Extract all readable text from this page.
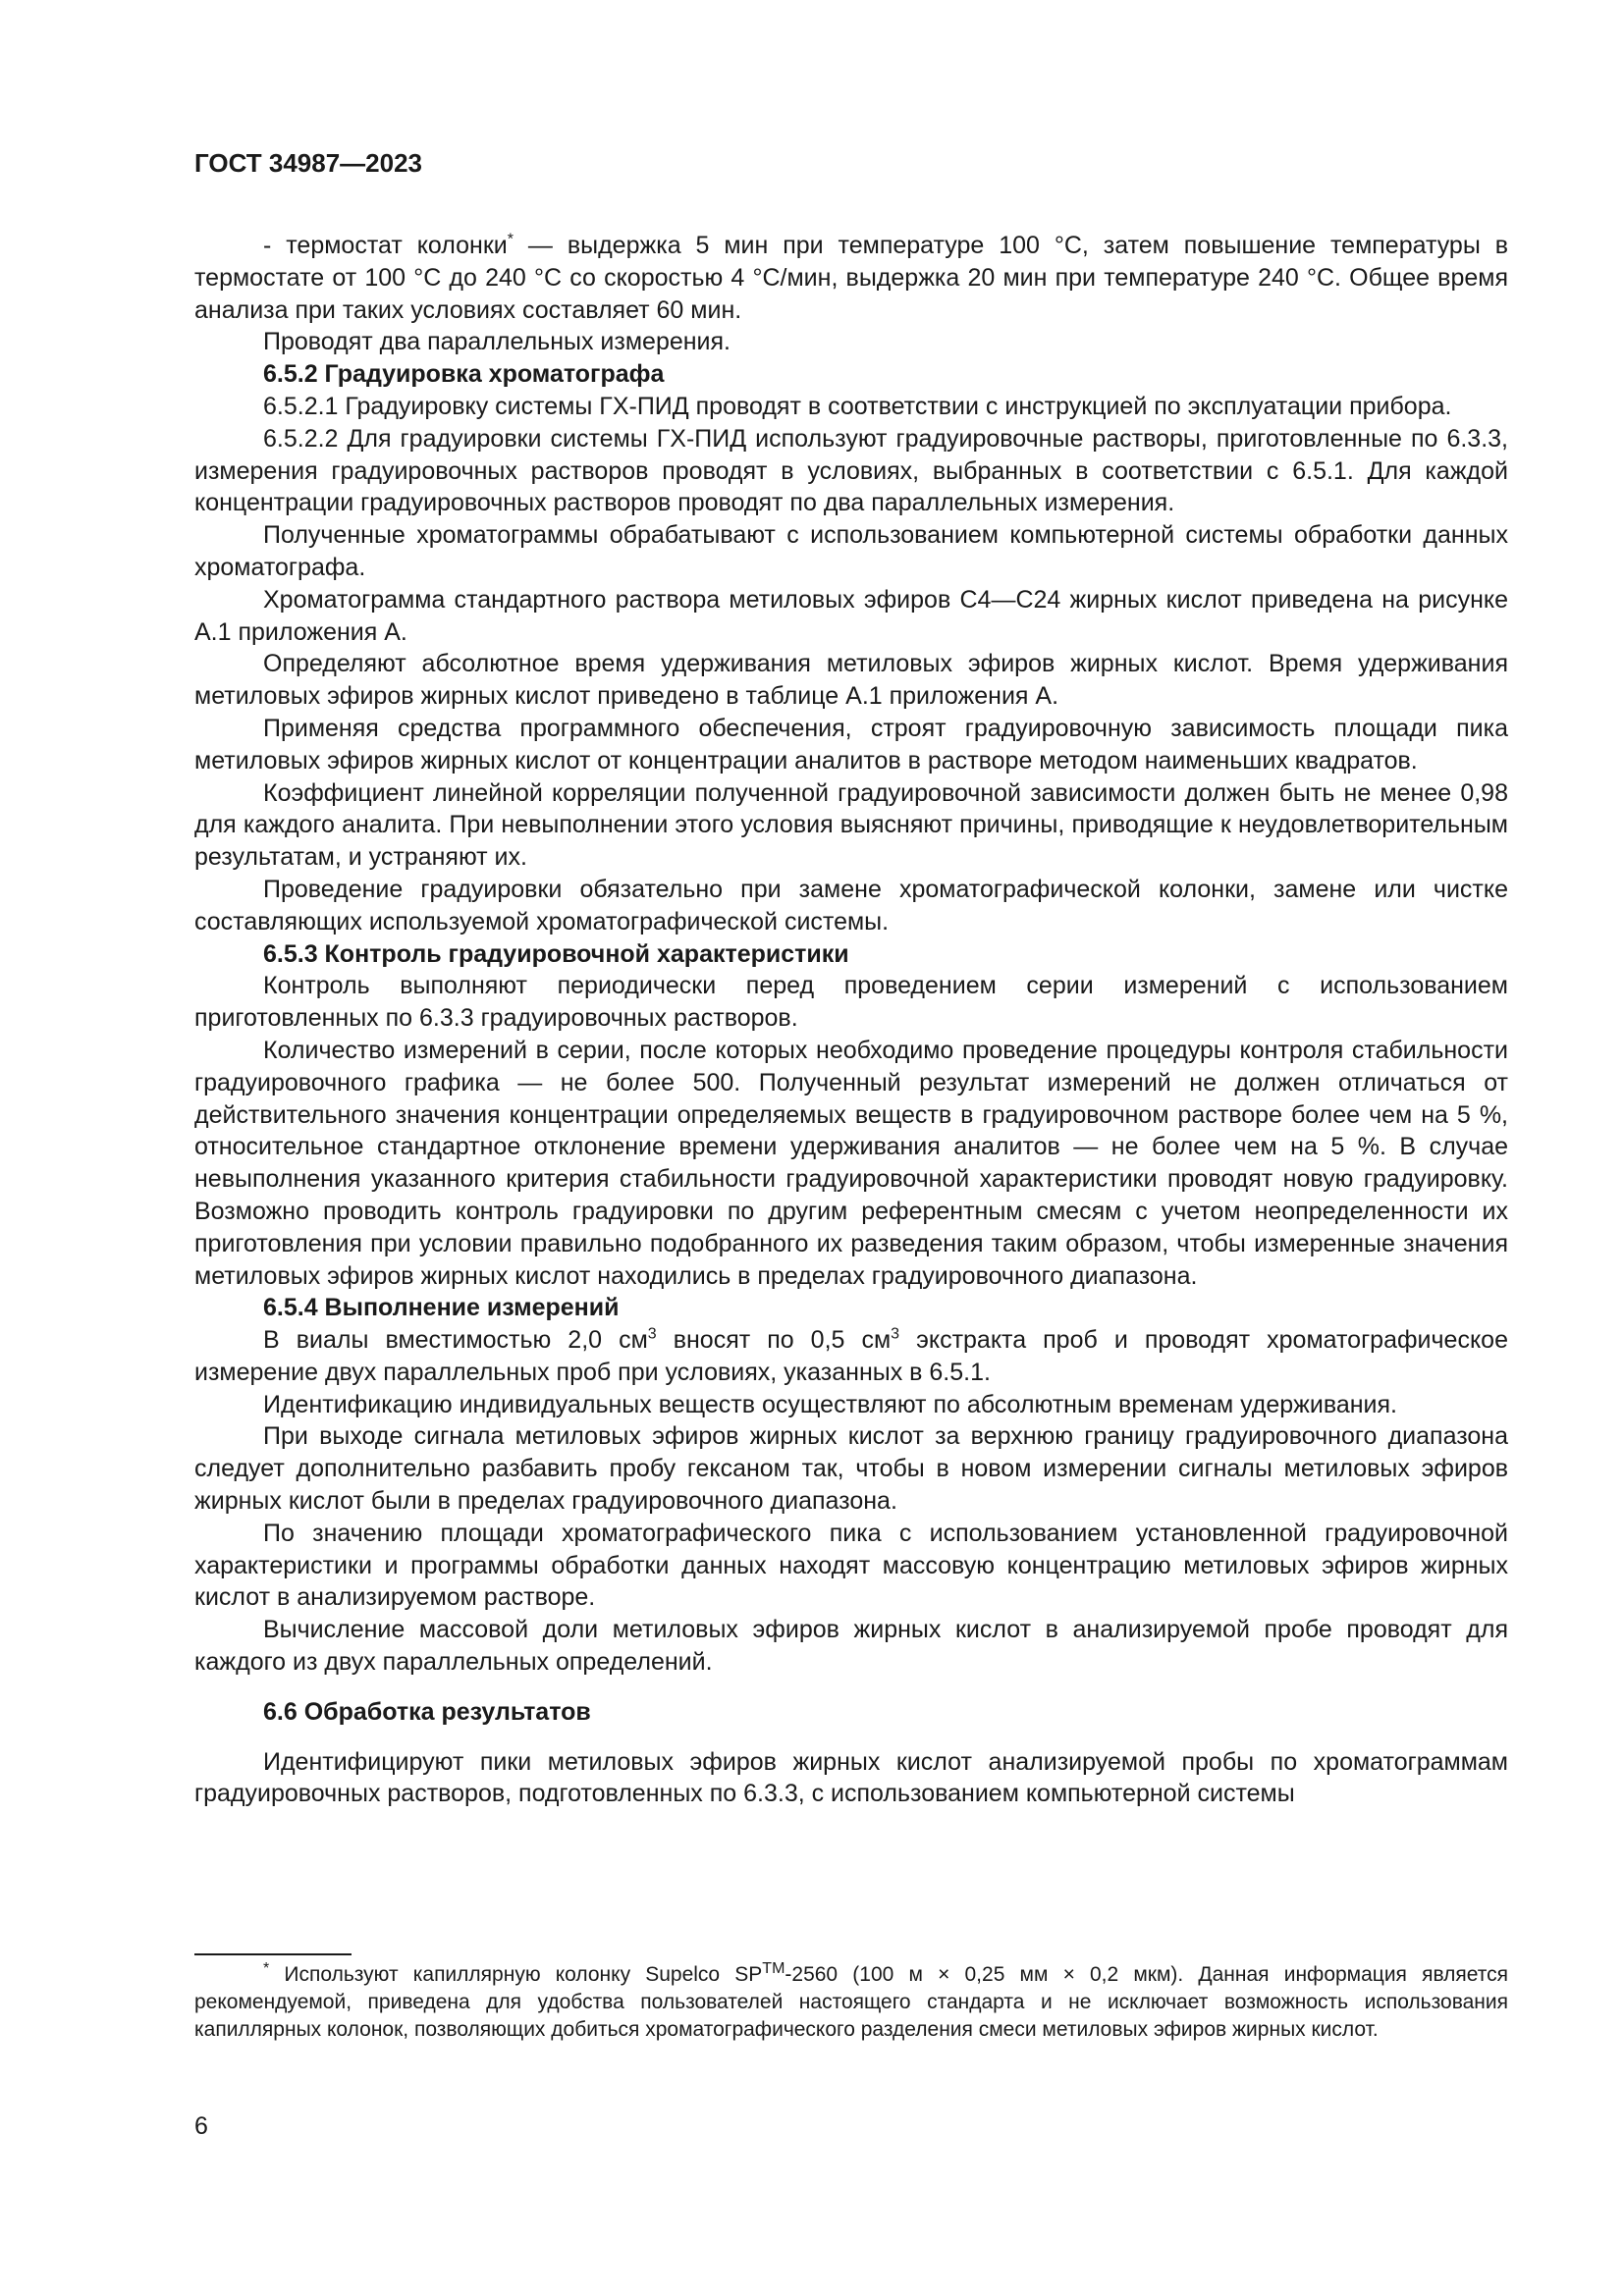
ГОСТ 34987—2023

- термостат колонки* — выдержка 5 мин при температуре 100 °С, затем повышение температуры в термостате от 100 °С до 240 °С со скоростью 4 °С/мин, выдержка 20 мин при температуре 240 °С. Общее время анализа при таких условиях составляет 60 мин.

Проводят два параллельных измерения.

6.5.2 Градуировка хроматографа

6.5.2.1 Градуировку системы ГХ-ПИД проводят в соответствии с инструкцией по эксплуатации прибора.

6.5.2.2 Для градуировки системы ГХ-ПИД используют градуировочные растворы, приготовленные по 6.3.3, измерения градуировочных растворов проводят в условиях, выбранных в соответствии с 6.5.1. Для каждой концентрации градуировочных растворов проводят по два параллельных измерения.

Полученные хроматограммы обрабатывают с использованием компьютерной системы обработки данных хроматографа.

Хроматограмма стандартного раствора метиловых эфиров С4—С24 жирных кислот приведена на рисунке А.1 приложения А.

Определяют абсолютное время удерживания метиловых эфиров жирных кислот. Время удерживания метиловых эфиров жирных кислот приведено в таблице А.1 приложения А.

Применяя средства программного обеспечения, строят градуировочную зависимость площади пика метиловых эфиров жирных кислот от концентрации аналитов в растворе методом наименьших квадратов.

Коэффициент линейной корреляции полученной градуировочной зависимости должен быть не менее 0,98 для каждого аналита. При невыполнении этого условия выясняют причины, приводящие к неудовлетворительным результатам, и устраняют их.

Проведение градуировки обязательно при замене хроматографической колонки, замене или чистке составляющих используемой хроматографической системы.

6.5.3 Контроль градуировочной характеристики

Контроль выполняют периодически перед проведением серии измерений с использованием приготовленных по 6.3.3 градуировочных растворов.

Количество измерений в серии, после которых необходимо проведение процедуры контроля стабильности градуировочного графика — не более 500. Полученный результат измерений не должен отличаться от действительного значения концентрации определяемых веществ в градуировочном растворе более чем на 5 %, относительное стандартное отклонение времени удерживания аналитов — не более чем на 5 %. В случае невыполнения указанного критерия стабильности градуировочной характеристики проводят новую градуировку. Возможно проводить контроль градуировки по другим референтным смесям с учетом неопределенности их приготовления при условии правильно подобранного их разведения таким образом, чтобы измеренные значения метиловых эфиров жирных кислот находились в пределах градуировочного диапазона.

6.5.4 Выполнение измерений

В виалы вместимостью 2,0 $см^3$ вносят по 0,5 $см^3$ экстракта проб и проводят хроматографическое измерение двух параллельных проб при условиях, указанных в 6.5.1.

Идентификацию индивидуальных веществ осуществляют по абсолютным временам удерживания.

При выходе сигнала метиловых эфиров жирных кислот за верхнюю границу градуировочного диапазона следует дополнительно разбавить пробу гексаном так, чтобы в новом измерении сигналы метиловых эфиров жирных кислот были в пределах градуировочного диапазона.

По значению площади хроматографического пика с использованием установленной градуировочной характеристики и программы обработки данных находят массовую концентрацию метиловых эфиров жирных кислот в анализируемом растворе.

Вычисление массовой доли метиловых эфиров жирных кислот в анализируемой пробе проводят для каждого из двух параллельных определений.

6.6 Обработка результатов

Идентифицируют пики метиловых эфиров жирных кислот анализируемой пробы по хроматограммам градуировочных растворов, подготовленных по 6.3.3, с использованием компьютерной системы

* Используют капиллярную колонку Supelco SP™-2560 (100 м × 0,25 мм × 0,2 мкм). Данная информация является рекомендуемой, приведена для удобства пользователей настоящего стандарта и не исключает возможность использования капиллярных колонок, позволяющих добиться хроматографического разделения смеси метиловых эфиров жирных кислот.

6
